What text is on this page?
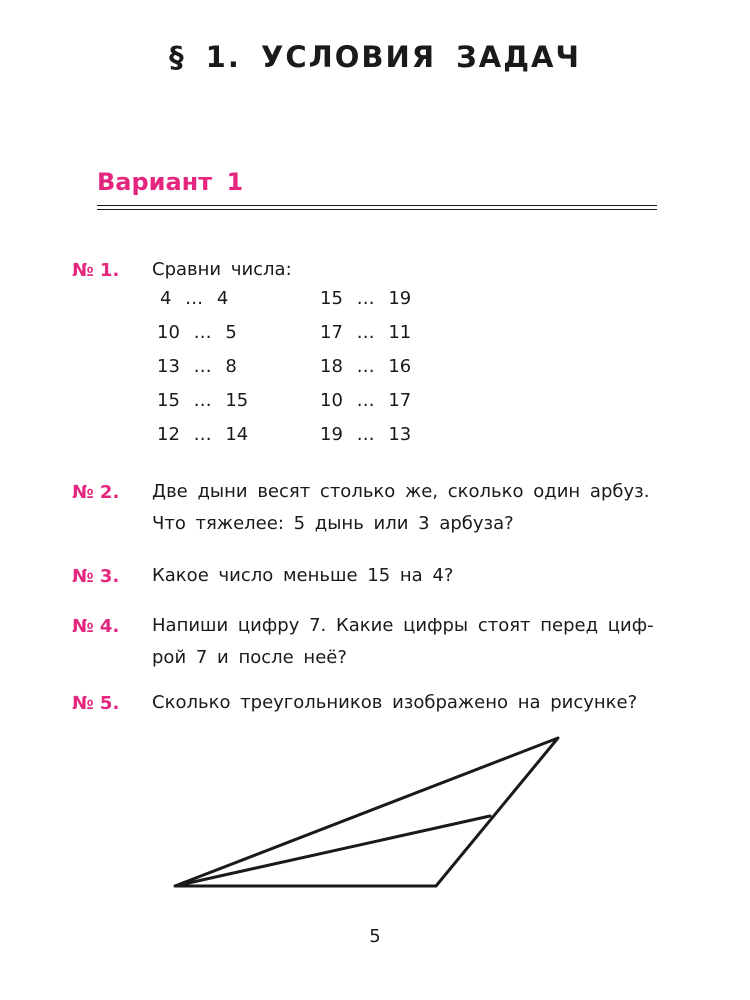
§ 1. УСЛОВИЯ ЗАДАЧ
Вариант 1
№ 1. Сравни числа:

4 … 4
10 … 5
13 … 8
15 … 15
12 … 14
15 … 19
17 … 11
18 … 16
10 … 17
19 … 13
№ 2. Две дыни весят столько же, сколько один арбуз.

Что тяжелее: 5 дынь или 3 арбуза?

№ 3. Какое число меньше 15 на 4?

№ 4. Напиши цифру 7. Какие цифры стоят перед циф-

рой 7 и после неё?

№ 5. Сколько треугольников изображено на рисунке?

5
